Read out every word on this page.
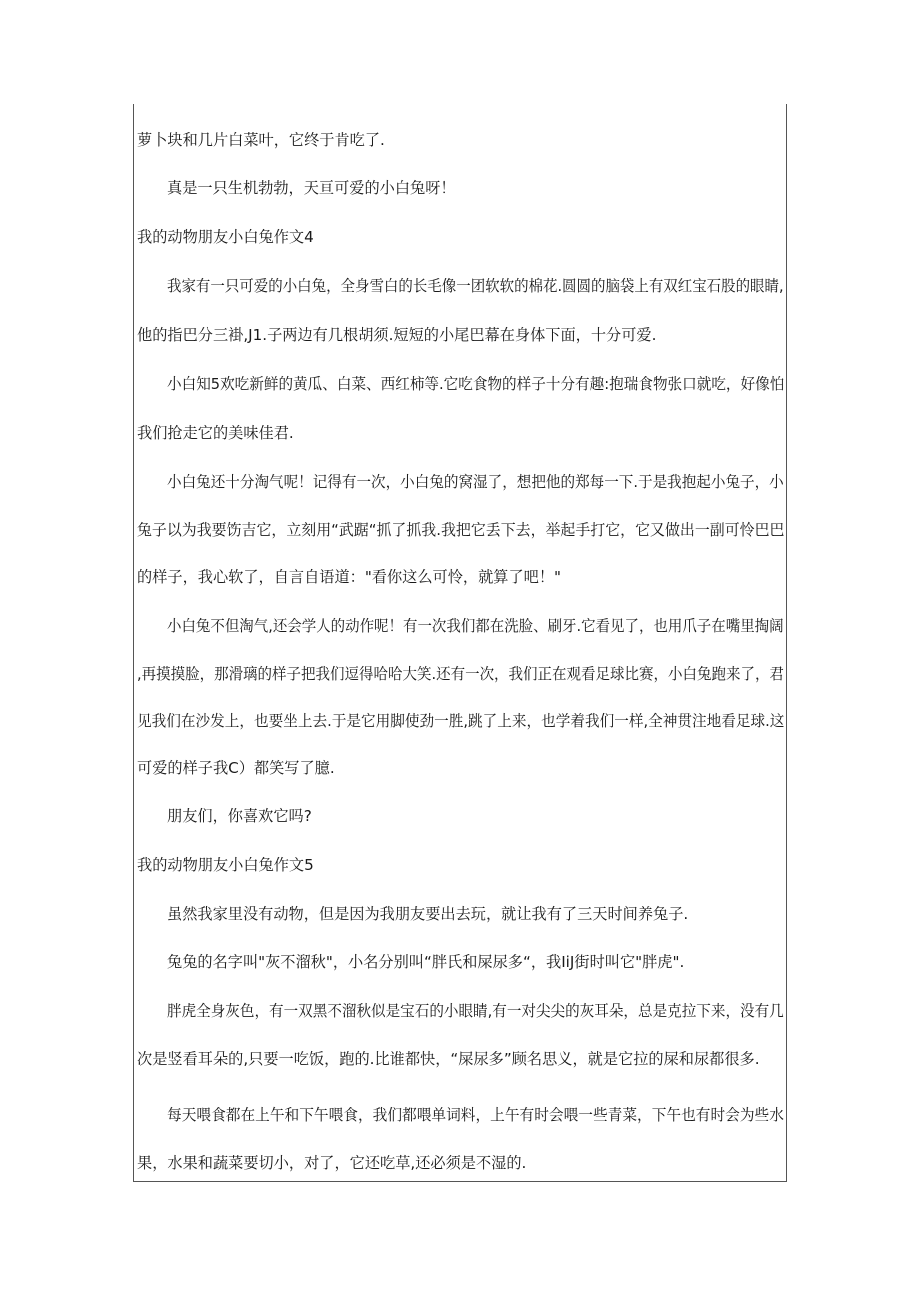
萝卜块和几片白菜叶，它终于肯吃了.
真是一只生机勃勃，天亘可爱的小白兔呀！
我的动物朋友小白兔作文4
我家有一只可爱的小白兔，全身雪白的长毛像一团软软的棉花.圆圆的脑袋上有双红宝石股的眼睛,
他的指巴分三褂,J1.子两边有几根胡须.短短的小尾巴幕在身体下面，十分可爱.
小白知5欢吃新鲜的黄瓜、白菜、西红柿等.它吃食物的样子十分有趣:抱瑞食物张口就吃，好像怕
我们抢走它的美味佳君.
小白兔还十分淘气呢！记得有一次，小白兔的窝湿了，想把他的郑每一下.于是我抱起小兔子，小
兔子以为我要饬吉它，立刻用“武踞“抓了抓我.我把它丢下去，举起手打它，它又做出一副可怜巴巴
的样子，我心软了，自言自语道："看你这么可怜，就算了吧！"
小白兔不但淘气,还会学人的动作呢！有一次我们都在洗脸、刷牙.它看见了，也用爪子在嘴里掏阔
,再摸摸脸，那滑璃的样子把我们逗得哈哈大笑.还有一次，我们正在观看足球比赛，小白兔跑来了，君
见我们在沙发上，也要坐上去.于是它用脚使劲一胜,跳了上来，也学着我们一样,全神贯注地看足球.这
可爱的样子我C）都笑写了臆.
朋友们，你喜欢它吗?
我的动物朋友小白兔作文5
虽然我家里没有动物，但是因为我朋友要出去玩，就让我有了三天时间养兔子.
兔兔的名字叫"灰不溜秋"，小名分别叫“胖氏和屎尿多“，我IiJ街时叫它"胖虎".
胖虎全身灰色，有一双黑不溜秋似是宝石的小眼睛,有一对尖尖的灰耳朵，总是克拉下来，没有几
次是竖看耳朵的,只要一吃饭，跑的.比谁都快，“屎尿多”顾名思义，就是它拉的屎和尿都很多.
每天喂食都在上午和下午喂食，我们都喂单词料，上午有时会喂一些青菜，下午也有时会为些水
果，水果和蔬菜要切小，对了，它还吃草,还必须是不湿的.
